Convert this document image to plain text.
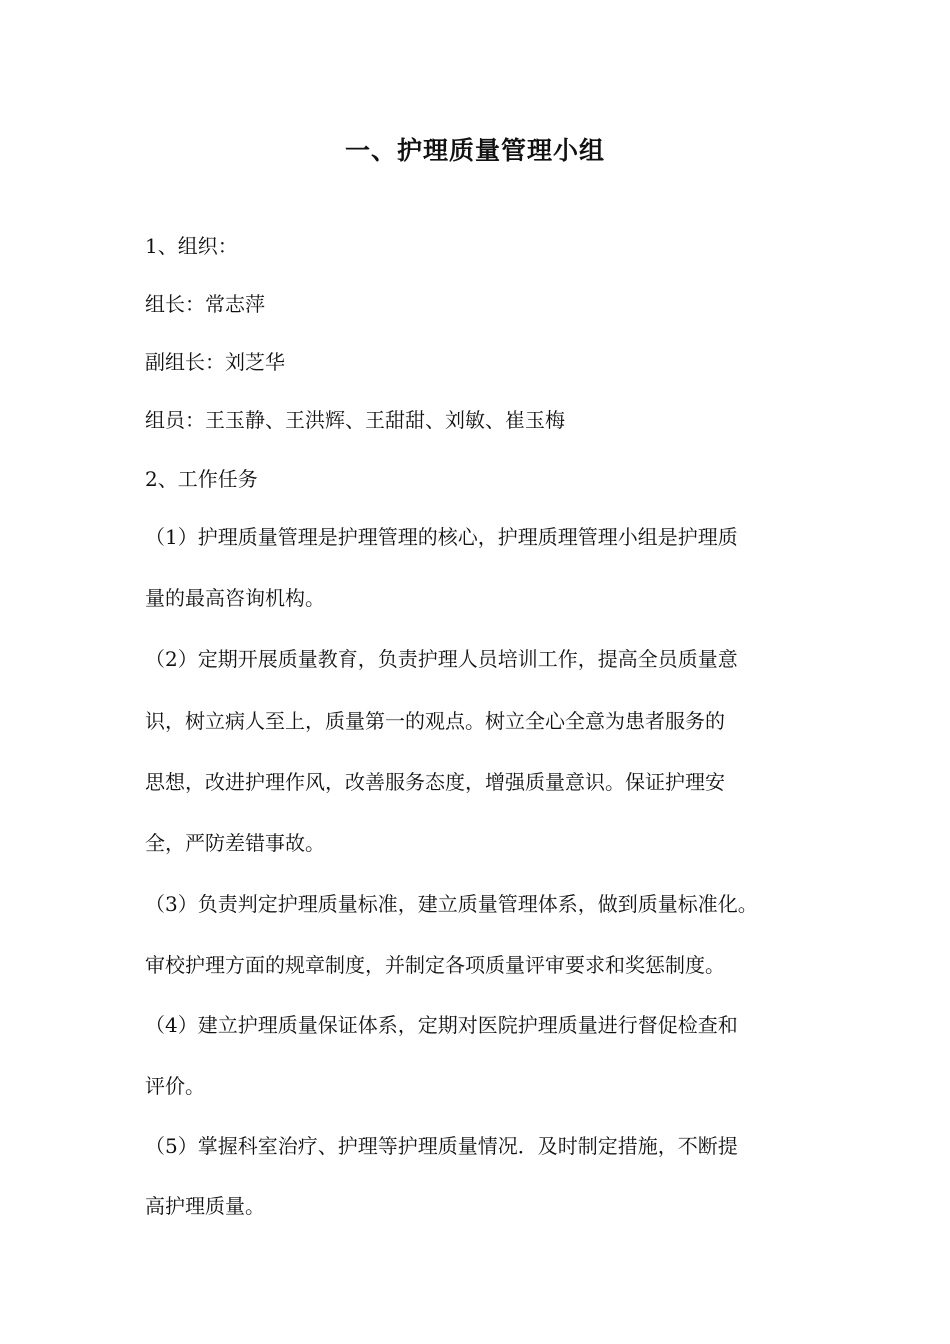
一、护理质量管理小组
1、组织：
组长：常志萍
副组长：刘芝华
组员：王玉静、王洪辉、王甜甜、刘敏、崔玉梅
2、工作任务
（1）护理质量管理是护理管理的核心，护理质理管理小组是护理质
量的最高咨询机构。
（2）定期开展质量教育，负责护理人员培训工作，提高全员质量意
识，树立病人至上，质量第一的观点。树立全心全意为患者服务的
思想，改进护理作风，改善服务态度，增强质量意识。保证护理安
全，严防差错事故。
（3）负责判定护理质量标准，建立质量管理体系，做到质量标准化。
审校护理方面的规章制度，并制定各项质量评审要求和奖惩制度。
（4）建立护理质量保证体系，定期对医院护理质量进行督促检查和
评价。
（5）掌握科室治疗、护理等护理质量情况．及时制定措施，不断提
高护理质量。
